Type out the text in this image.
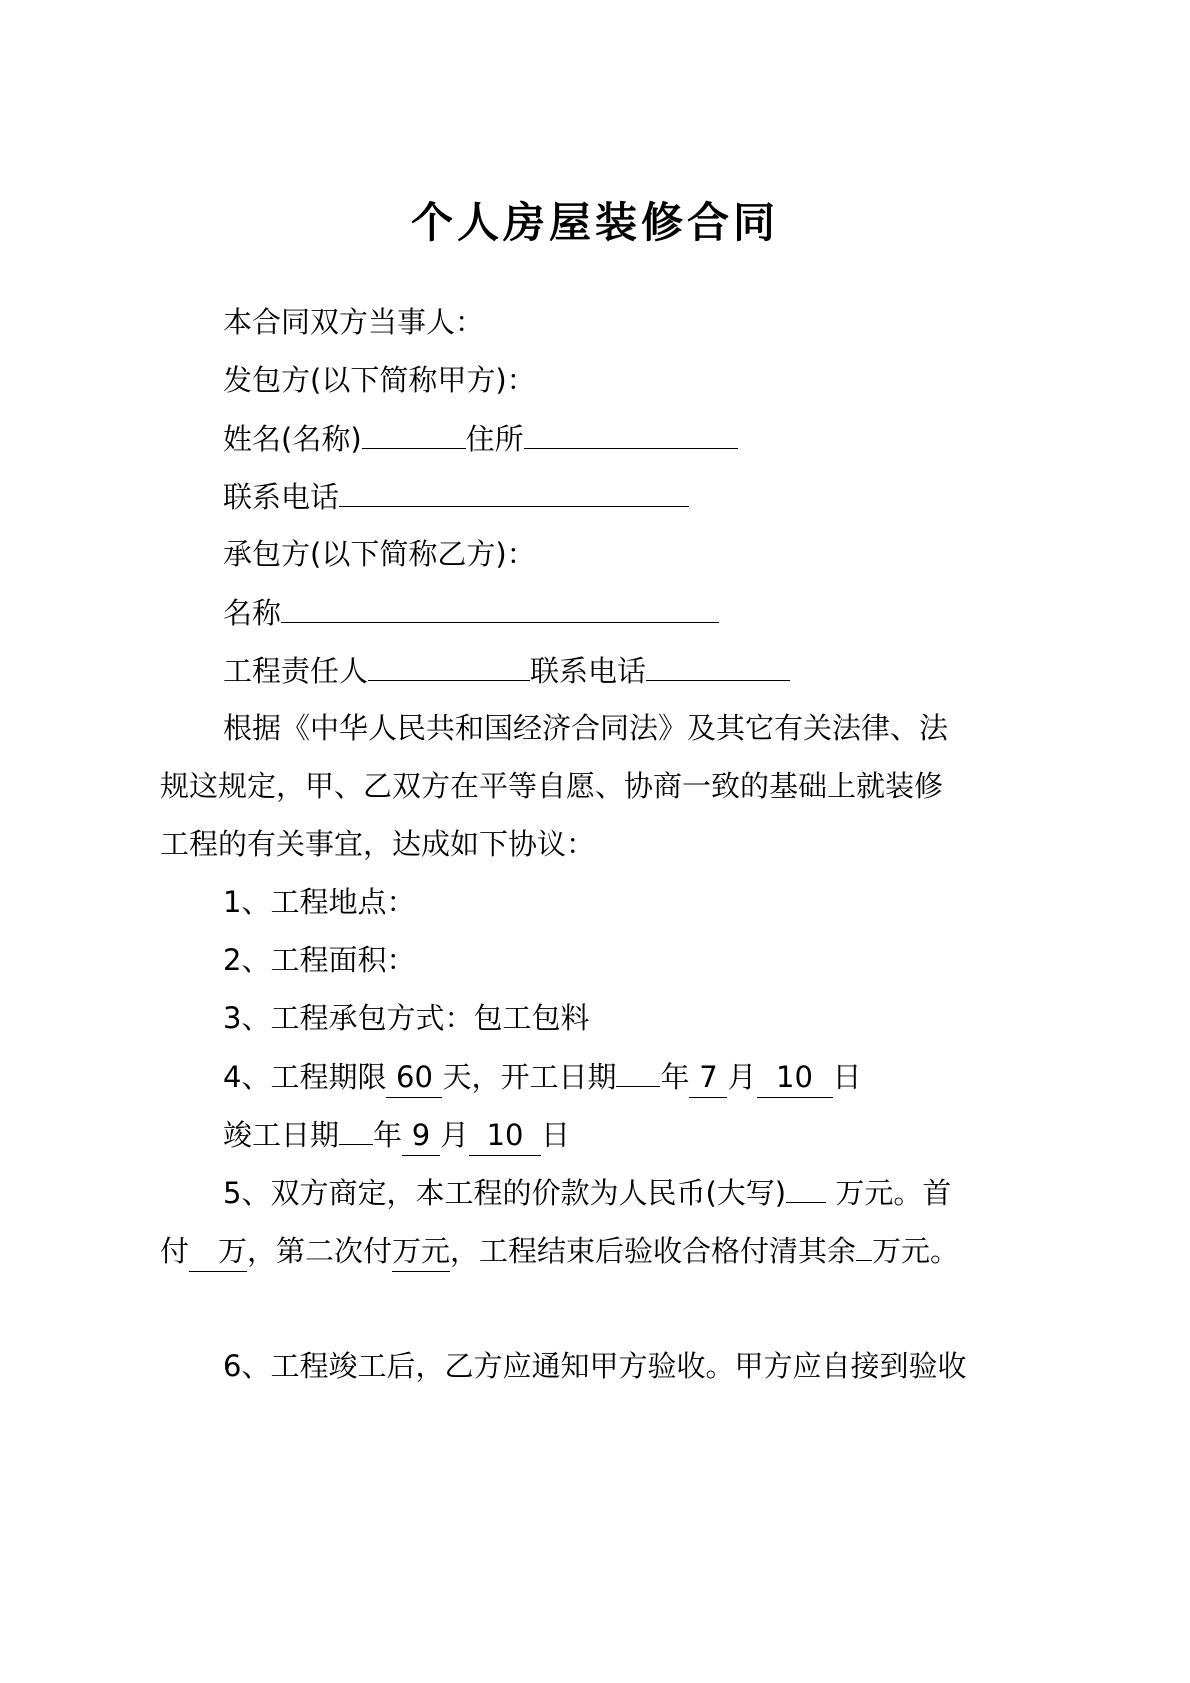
个人房屋装修合同
本合同双方当事人：
发包方(以下简称甲方)：
姓名(名称)	住所
联系电话
承包方(以下简称乙方)：
名称
工程责任人	联系电话
根据《中华人民共和国经济合同法》及其它有关法律、法
规这规定，甲、乙双方在平等自愿、协商一致的基础上就装修
工程的有关事宜，达成如下协议：
1、工程地点：
2、工程面积：
3、工程承包方式：包工包料
4、工程期限 60 天，开工日期 年 7 月 10 日
竣工日期 年 9 月 10 日
5、双方商定，本工程的价款为人民币(大写) 万元。首
付 万，第二次付万元，工程结束后验收合格付清其余 万元。
6、工程竣工后，乙方应通知甲方验收。甲方应自接到验收
